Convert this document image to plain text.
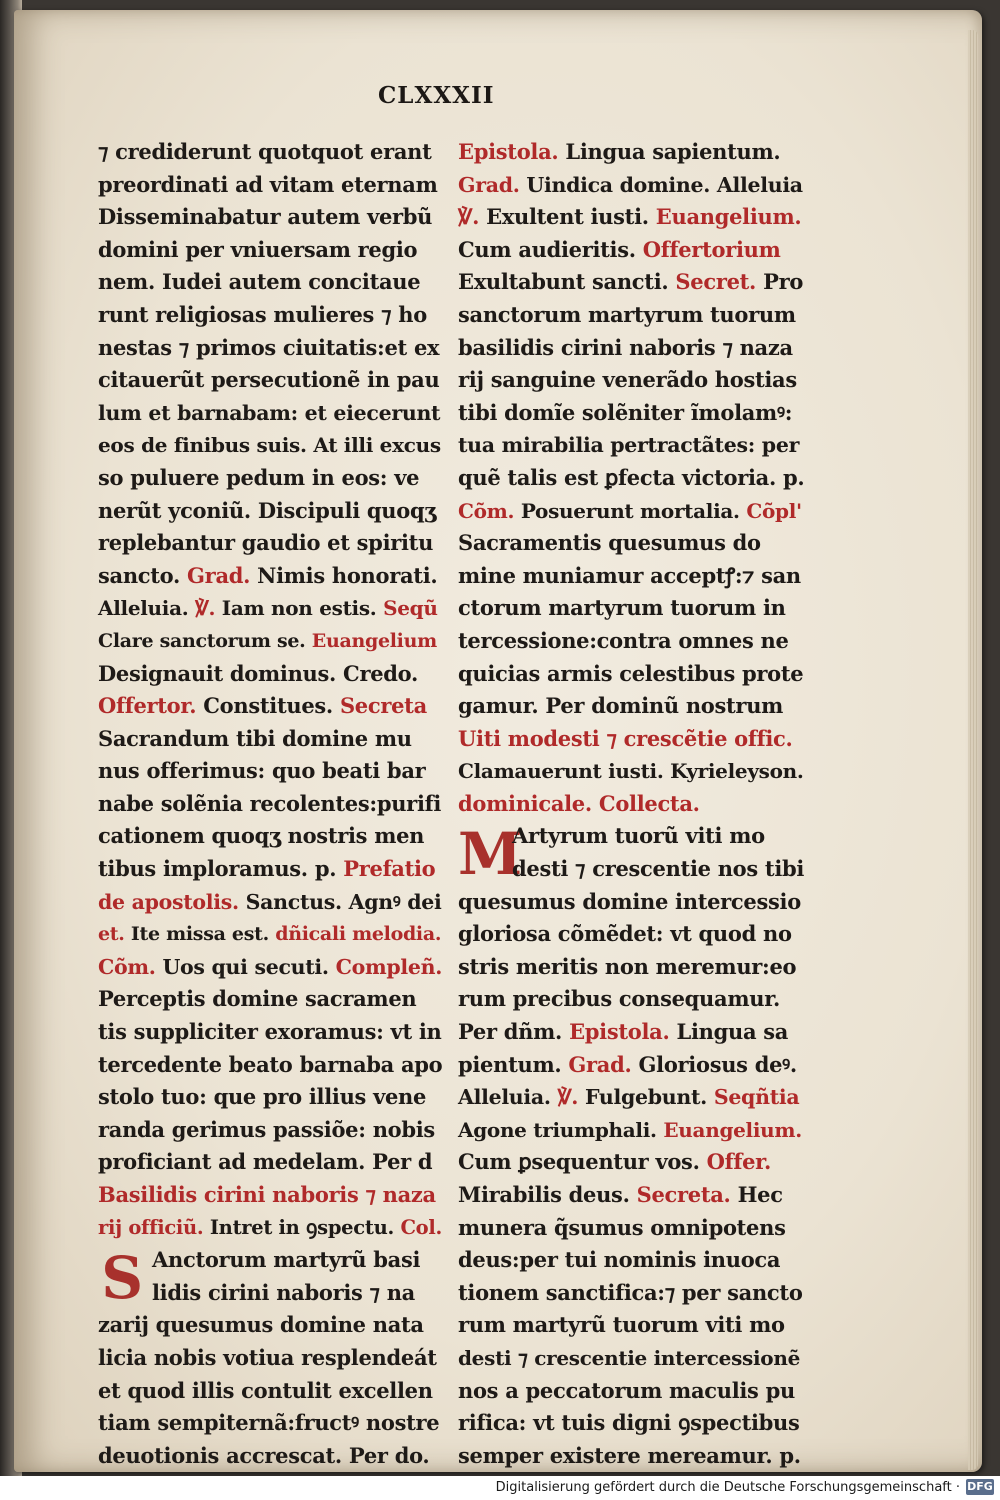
CLXXXII
⁊ crediderunt quotquot erant
preordinati ad vitam eternam
Disseminabatur autem verbũ
domini per vniuersam regio
nem. Iudei autem concitaue
runt religiosas mulieres ⁊ ho
nestas ⁊ primos ciuitatis:et ex
citauerũt persecutionẽ in pau
lum et barnabam: et eiecerunt
eos de finibus suis. At illi excus
so puluere pedum in eos: ve
nerũt yconiũ. Discipuli quoqʒ
replebantur gaudio et spiritu
sancto. Grad. Nimis honorati.
Alleluia. ℣. Iam non estis. Seqũ
Clare sanctorum se. Euangelium
Designauit dominus. Credo.
Offertor. Constitues. Secreta
Sacrandum tibi domine mu
nus offerimus: quo beati bar
nabe solẽnia recolentes:purifi
cationem quoqʒ nostris men
tibus imploramus. p. Prefatio
de apostolis. Sanctus. Agnꝰ dei
et. Ite missa est. dñicali melodia.
Cõm. Uos qui secuti. Compleñ.
Perceptis domine sacramen
tis suppliciter exoramus: vt in
tercedente beato barnaba apo
stolo tuo: que pro illius vene
randa gerimus passiõe: nobis
proficiant ad medelam. Per d
Basilidis cirini naboris ⁊ naza
rij officiũ. Intret in ꝯspectu. Col.
S Anctorum martyrũ basi
lidis cirini naboris ⁊ na
zarij quesumus domine nata
licia nobis votiua resplendeát
et quod illis contulit excellen
tiam sempiternã:fructꝰ nostre
deuotionis accrescat. Per do.
Epistola. Lingua sapientum.
Grad. Uindica domine. Alleluia
℣. Exultent iusti. Euangelium.
Cum audieritis. Offertorium
Exultabunt sancti. Secret. Pro
sanctorum martyrum tuorum
basilidis cirini naboris ⁊ naza
rij sanguine venerãdo hostias
tibi domĩe solẽniter ĩmolamꝰ:
tua mirabilia pertractãtes: per
quẽ talis est ꝑfecta victoria. p.
Cõm. Posuerunt mortalia. Cõpl'
Sacramentis quesumus do
mine muniamur acceptꝭ:⁊ san
ctorum martyrum tuorum in
tercessione:contra omnes ne
quicias armis celestibus prote
gamur. Per dominũ nostrum
Uiti modesti ⁊ crescẽtie offic.
Clamauerunt iusti. Kyrieleyson.
dominicale. Collecta.
M
Artyrum tuorũ viti mo
desti ⁊ crescentie nos tibi
quesumus domine intercessio
gloriosa cõmẽdet: vt quod no
stris meritis non meremur:eo
rum precibus consequamur.
Per dñm. Epistola. Lingua sa
pientum. Grad. Gloriosus deꝰ.
Alleluia. ℣. Fulgebunt. Seqñtia
Agone triumphali. Euangelium.
Cum ꝑsequentur vos. Offer.
Mirabilis deus. Secreta. Hec
munera q̃sumus omnipotens
deus:per tui nominis inuoca
tionem sanctifica:⁊ per sancto
rum martyrũ tuorum viti mo
desti ⁊ crescentie intercessionẽ
nos a peccatorum maculis pu
rifica: vt tuis digni ꝯspectibus
semper existere mereamur. p.
Digitalisierung gefördert durch die Deutsche Forschungsgemeinschaft · DFG
